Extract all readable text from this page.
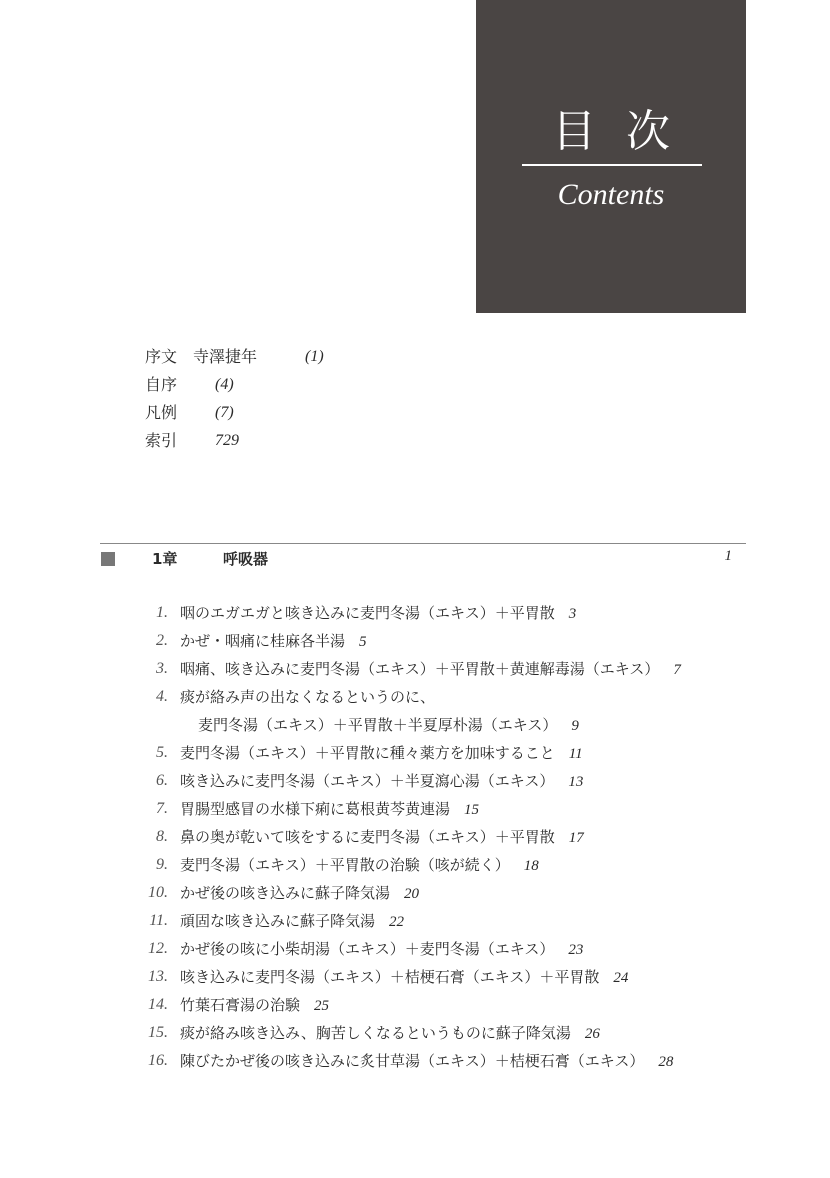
目次
Contents
序文　寺澤捷年	(1)
自序 (4)
凡例 (7)
索引 729
1章	呼吸器	1
1. 咽のエガエガと咳き込みに麦門冬湯（エキス）＋平胃散 3
2. かぜ・咽痛に桂麻各半湯 5
3. 咽痛、咳き込みに麦門冬湯（エキス）＋平胃散＋黄連解毒湯（エキス） 7
4. 痰が絡み声の出なくなるというのに、
麦門冬湯（エキス）＋平胃散＋半夏厚朴湯（エキス） 9
5. 麦門冬湯（エキス）＋平胃散に種々薬方を加味すること 11
6. 咳き込みに麦門冬湯（エキス）＋半夏瀉心湯（エキス） 13
7. 胃腸型感冒の水様下痢に葛根黄芩黄連湯 15
8. 鼻の奥が乾いて咳をするに麦門冬湯（エキス）＋平胃散 17
9. 麦門冬湯（エキス）＋平胃散の治験（咳が続く） 18
10. かぜ後の咳き込みに蘇子降気湯 20
11. 頑固な咳き込みに蘇子降気湯 22
12. かぜ後の咳に小柴胡湯（エキス）＋麦門冬湯（エキス） 23
13. 咳き込みに麦門冬湯（エキス）＋桔梗石膏（エキス）＋平胃散 24
14. 竹葉石膏湯の治験 25
15. 痰が絡み咳き込み、胸苦しくなるというものに蘇子降気湯 26
16. 陳びたかぜ後の咳き込みに炙甘草湯（エキス）＋桔梗石膏（エキス） 28
